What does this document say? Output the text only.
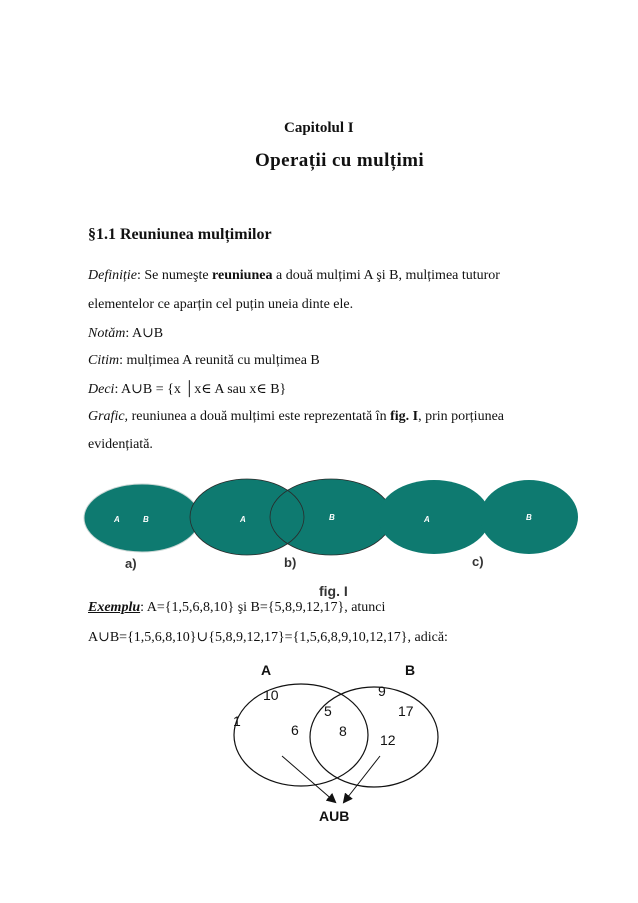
Capitolul I
Operații cu mulțimi
§1.1 Reuniunea mulțimilor
Definiție: Se numeşte reuniunea a două mulțimi A şi B, mulțimea tuturor
elementelor ce aparțin cel puțin uneia dinte ele.
Notăm: A∪B
Citim: mulțimea A reunită cu mulțimea B
Deci: A∪B = {x │x∈ A sau x∈ B}
Grafic, reuniunea a două mulțimi este reprezentată în fig. I, prin porțiunea
evidențiată.
A	B	A	B	A	B
a)	b)	c)
fig. I
Exemplu: A={1,5,6,8,10} şi B={5,8,9,12,17}, atunci
A∪B={1,5,6,8,10}∪{5,8,9,12,17}={1,5,6,8,9,10,12,17}, adică:
A	B
10
1
6
5
8
9
17
12
AUB
